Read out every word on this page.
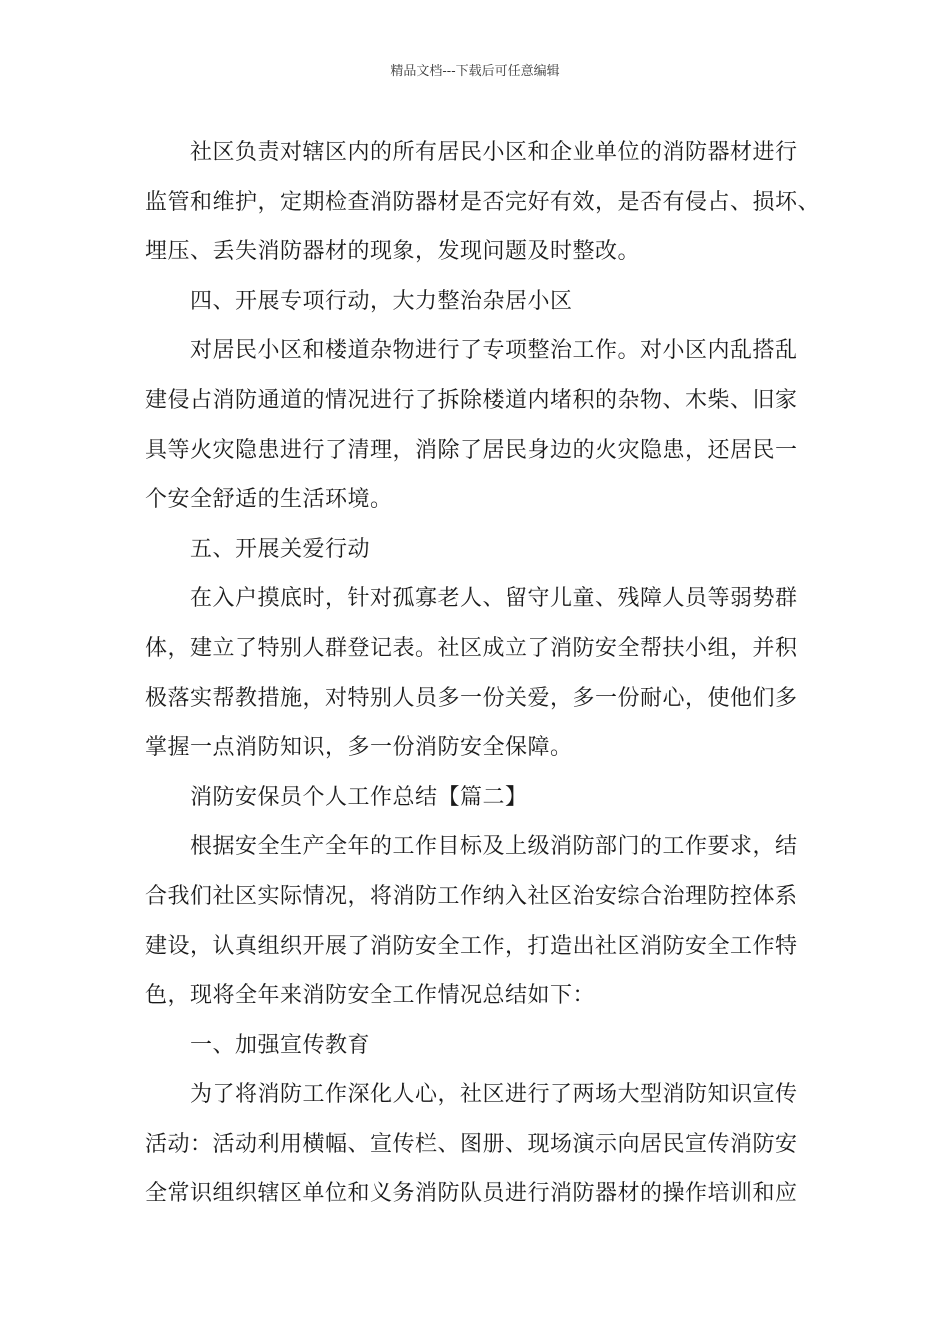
精品文档---下载后可任意编辑
社区负责对辖区内的所有居民小区和企业单位的消防器材进行
监管和维护，定期检查消防器材是否完好有效，是否有侵占、损坏、
埋压、丢失消防器材的现象，发现问题及时整改。
四、开展专项行动，大力整治杂居小区
对居民小区和楼道杂物进行了专项整治工作。对小区内乱搭乱
建侵占消防通道的情况进行了拆除楼道内堵积的杂物、木柴、旧家
具等火灾隐患进行了清理，消除了居民身边的火灾隐患，还居民一
个安全舒适的生活环境。
五、开展关爱行动
在入户摸底时，针对孤寡老人、留守儿童、残障人员等弱势群
体，建立了特别人群登记表。社区成立了消防安全帮扶小组，并积
极落实帮教措施，对特别人员多一份关爱，多一份耐心，使他们多
掌握一点消防知识，多一份消防安全保障。
消防安保员个人工作总结【篇二】
根据安全生产全年的工作目标及上级消防部门的工作要求，结
合我们社区实际情况，将消防工作纳入社区治安综合治理防控体系
建设，认真组织开展了消防安全工作，打造出社区消防安全工作特
色，现将全年来消防安全工作情况总结如下：
一、加强宣传教育
为了将消防工作深化人心，社区进行了两场大型消防知识宣传
活动：活动利用横幅、宣传栏、图册、现场演示向居民宣传消防安
全常识组织辖区单位和义务消防队员进行消防器材的操作培训和应
